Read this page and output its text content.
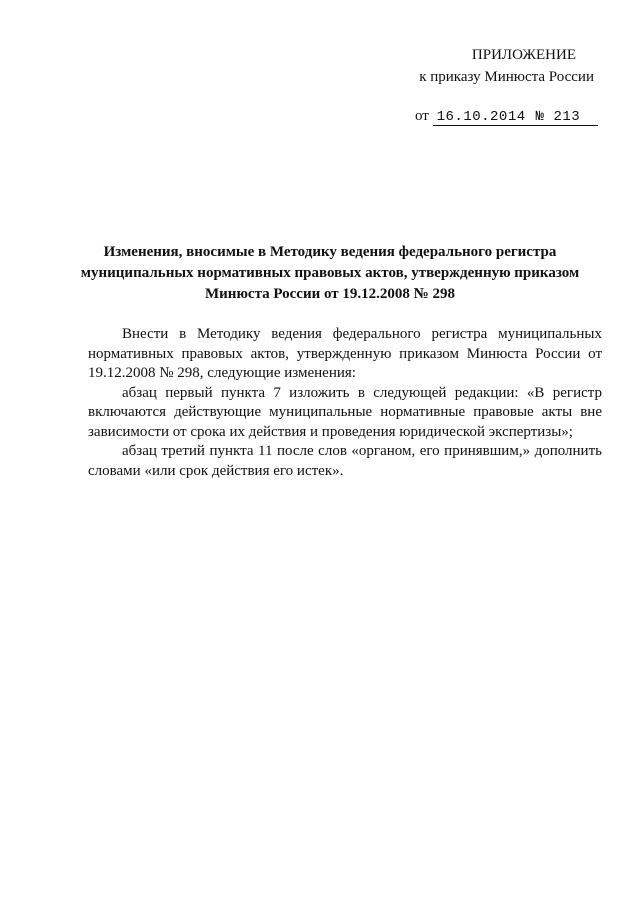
ПРИЛОЖЕНИЕ
к приказу Минюста России
от 16.10.2014 № 213
Изменения, вносимые в Методику ведения федерального регистра
муниципальных нормативных правовых актов, утвержденную приказом
Минюста России от 19.12.2008 № 298

Внести в Методику ведения федерального регистра муниципальных нормативных правовых актов, утвержденную приказом Минюста России от 19.12.2008 № 298, следующие изменения:

абзац первый пункта 7 изложить в следующей редакции: «В регистр включаются действующие муниципальные нормативные правовые акты вне зависимости от срока их действия и проведения юридической экспертизы»;

абзац третий пункта 11 после слов «органом, его принявшим,» дополнить словами «или срок действия его истек».
